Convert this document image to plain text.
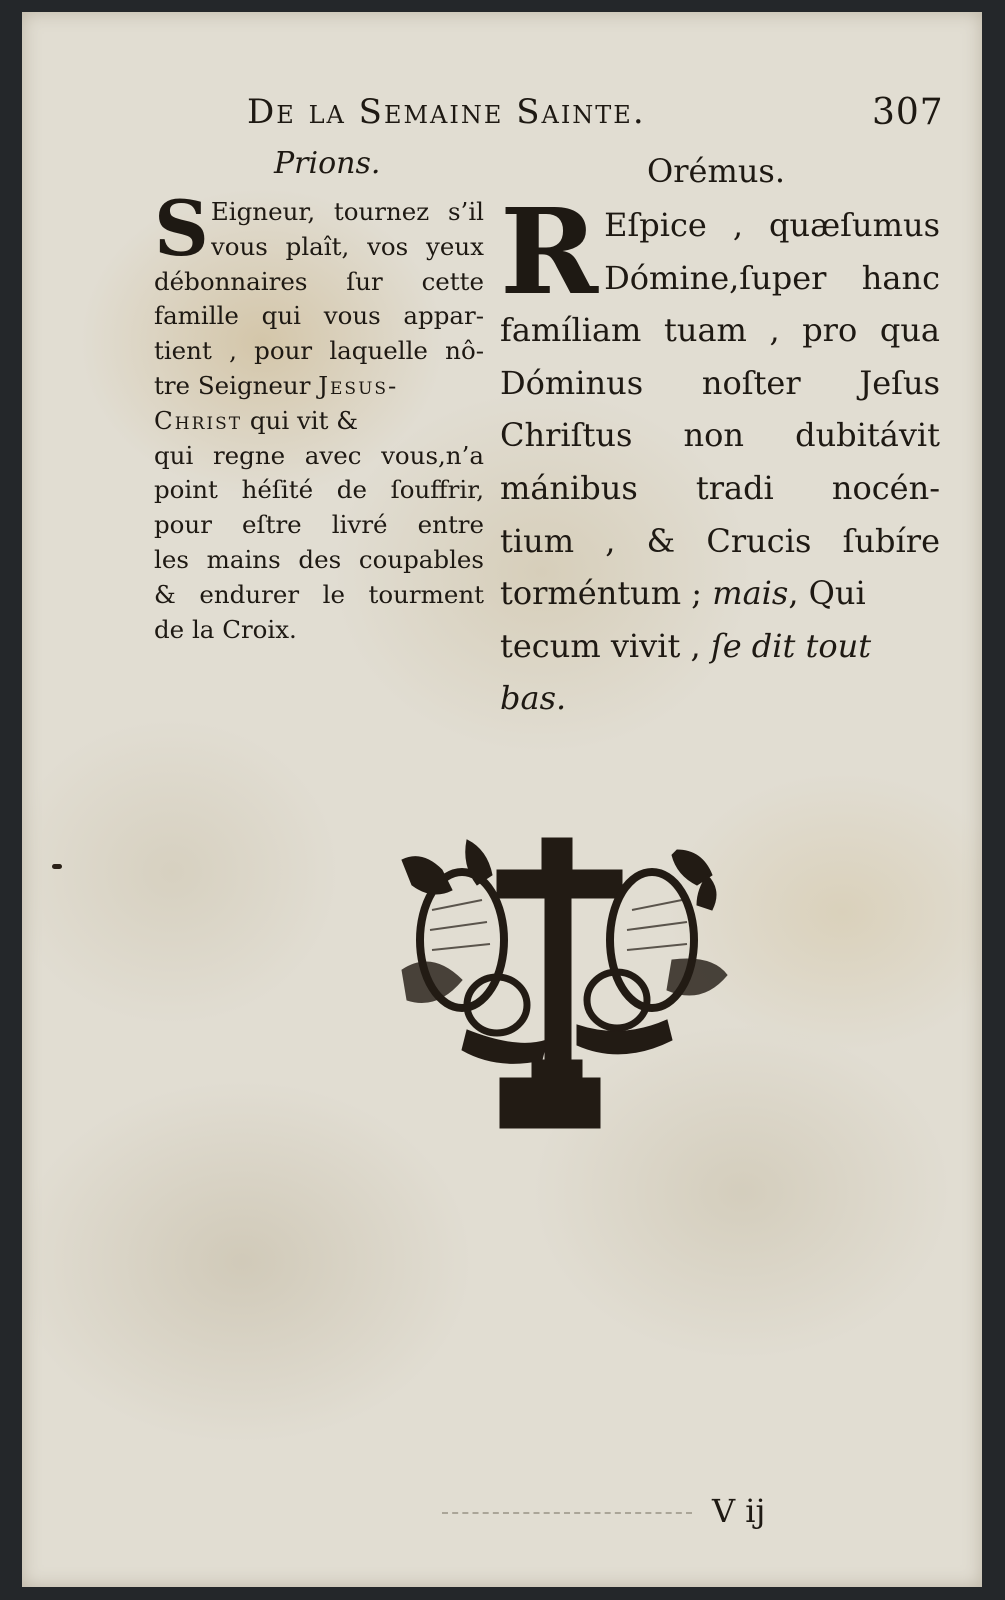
De la Semaine Sainte.	307
Prions.	Orémus.
S Eigneur, tournez s’il
vous plaît, vos yeux
débonnaires ſur cette
famille qui vous appar-
tient , pour laquelle nô-
tre Seigneur Jesus-
Christ qui vit &
qui regne avec vous,n’a
point héſité de ſouffrir,
pour eſtre livré entre
les mains des coupables
& endurer le tourment
de la Croix.
R Eſpice , quæſumus
Dómine,ſuper hanc
famíliam tuam , pro qua
Dóminus noſter Jeſus
Chriſtus non dubitávit
mánibus tradi nocén-
tium , & Crucis ſubíre
torméntum ; mais, Qui
tecum vivit , ſe dit tout
bas.
V ij
